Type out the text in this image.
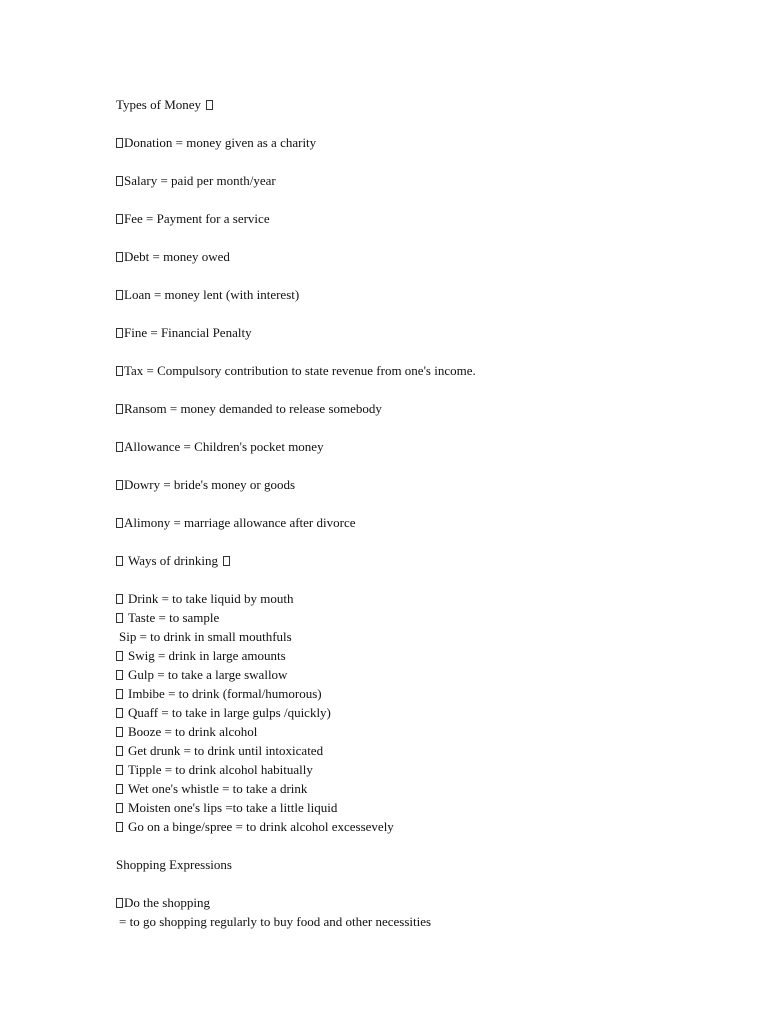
Types of Money
Donation = money given as a charity
Salary = paid per month/year
Fee = Payment for a service
Debt = money owed
Loan = money lent (with interest)
Fine = Financial Penalty
Tax = Compulsory contribution to state revenue from one's income.
Ransom = money demanded to release somebody
Allowance = Children's pocket money
Dowry = bride's money or goods
Alimony = marriage allowance after divorce
Ways of drinking
Drink = to take liquid by mouth
Taste = to sample
Sip = to drink in small mouthfuls
Swig = drink in large amounts
Gulp = to take a large swallow
Imbibe = to drink (formal/humorous)
Quaff = to take in large gulps /quickly)
Booze = to drink alcohol
Get drunk = to drink until intoxicated
Tipple = to drink alcohol habitually
Wet one's whistle = to take a drink
Moisten one's lips =to take a little liquid
Go on a binge/spree = to drink alcohol excessevely
Shopping Expressions
Do the shopping
= to go shopping regularly to buy food and other necessities
